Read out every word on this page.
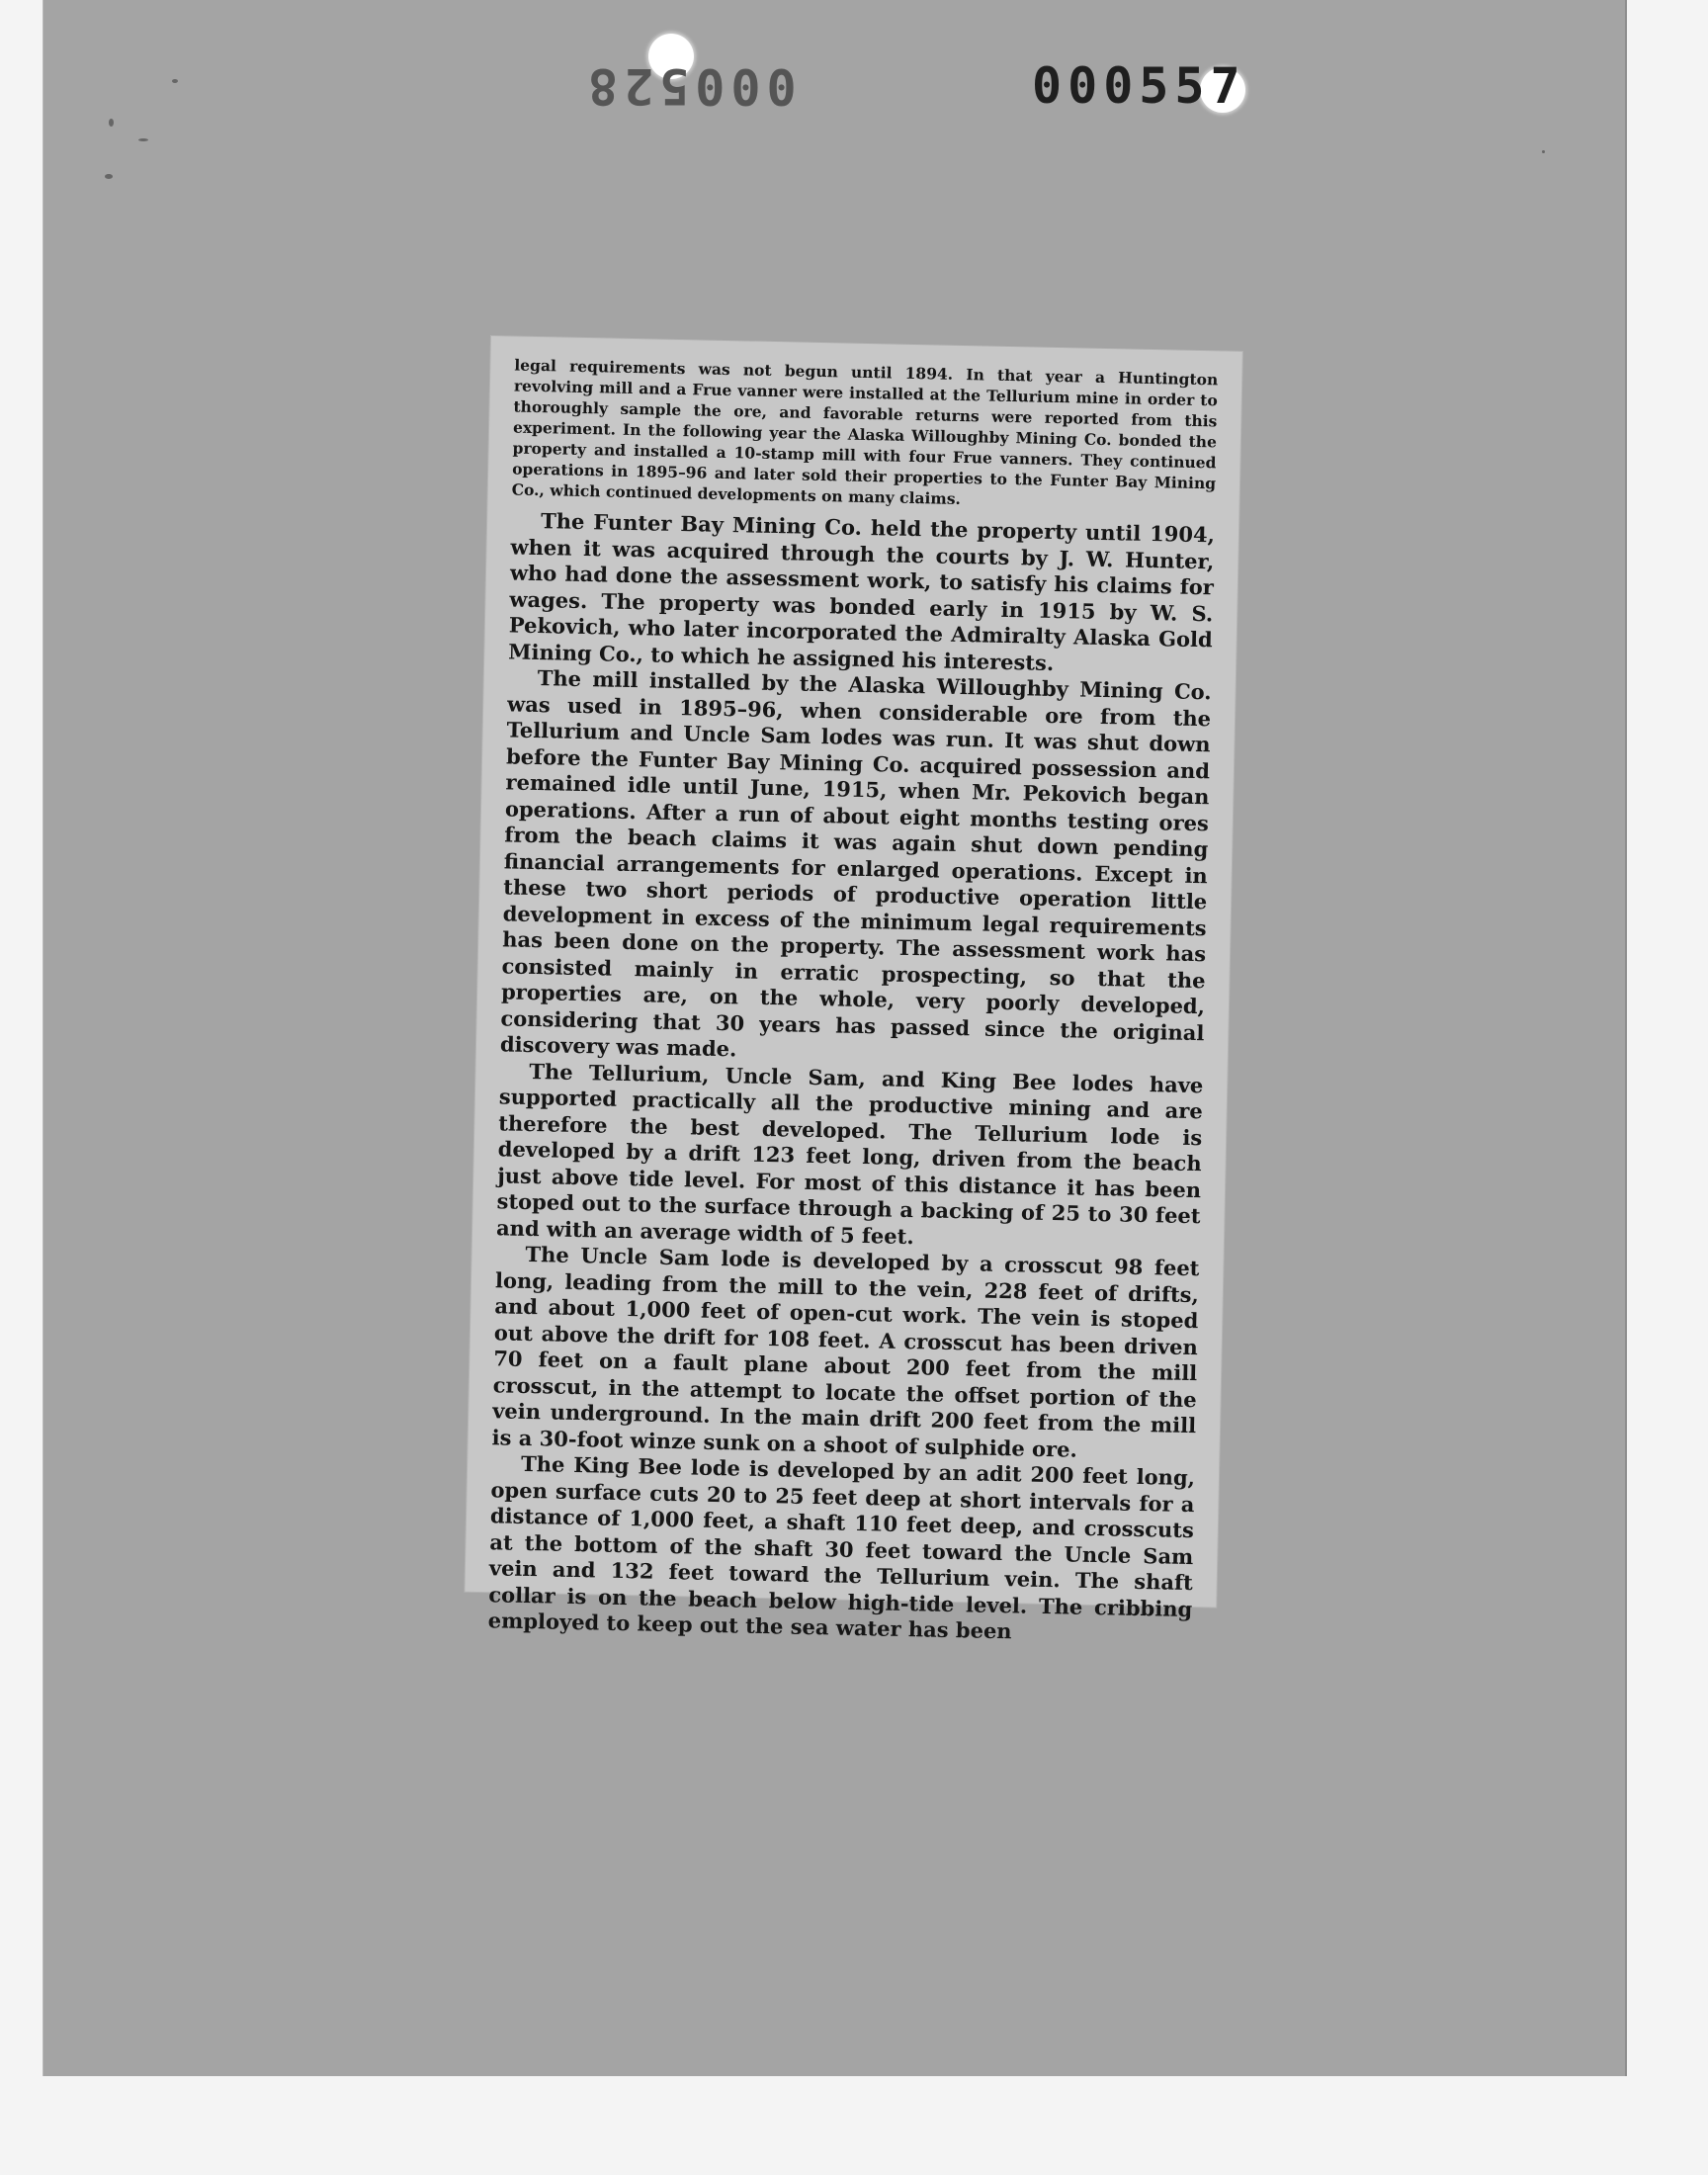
000528	000557

legal requirements was not begun until 1894. In that year a Huntington revolving mill and a Frue vanner were installed at the Tellurium mine in order to thoroughly sample the ore, and favorable returns were reported from this experiment. In the following year the Alaska Willoughby Mining Co. bonded the property and installed a 10-stamp mill with four Frue vanners. They continued operations in 1895–96 and later sold their properties to the Funter Bay Mining Co., which continued developments on many claims.

The Funter Bay Mining Co. held the property until 1904, when it was acquired through the courts by J. W. Hunter, who had done the assessment work, to satisfy his claims for wages. The property was bonded early in 1915 by W. S. Pekovich, who later incorporated the Admiralty Alaska Gold Mining Co., to which he assigned his interests.

The mill installed by the Alaska Willoughby Mining Co. was used in 1895–96, when considerable ore from the Tellurium and Uncle Sam lodes was run. It was shut down before the Funter Bay Mining Co. acquired possession and remained idle until June, 1915, when Mr. Pekovich began operations. After a run of about eight months testing ores from the beach claims it was again shut down pending financial arrangements for enlarged operations. Except in these two short periods of productive operation little development in excess of the minimum legal requirements has been done on the property. The assessment work has consisted mainly in erratic prospecting, so that the properties are, on the whole, very poorly developed, considering that 30 years has passed since the original discovery was made.

The Tellurium, Uncle Sam, and King Bee lodes have supported practically all the productive mining and are therefore the best developed. The Tellurium lode is developed by a drift 123 feet long, driven from the beach just above tide level. For most of this distance it has been stoped out to the surface through a backing of 25 to 30 feet and with an average width of 5 feet.

The Uncle Sam lode is developed by a crosscut 98 feet long, leading from the mill to the vein, 228 feet of drifts, and about 1,000 feet of open-cut work. The vein is stoped out above the drift for 108 feet. A crosscut has been driven 70 feet on a fault plane about 200 feet from the mill crosscut, in the attempt to locate the offset portion of the vein underground. In the main drift 200 feet from the mill is a 30-foot winze sunk on a shoot of sulphide ore.

The King Bee lode is developed by an adit 200 feet long, open surface cuts 20 to 25 feet deep at short intervals for a distance of 1,000 feet, a shaft 110 feet deep, and crosscuts at the bottom of the shaft 30 feet toward the Uncle Sam vein and 132 feet toward the Tellurium vein. The shaft collar is on the beach below high-tide level. The cribbing employed to keep out the sea water has been
